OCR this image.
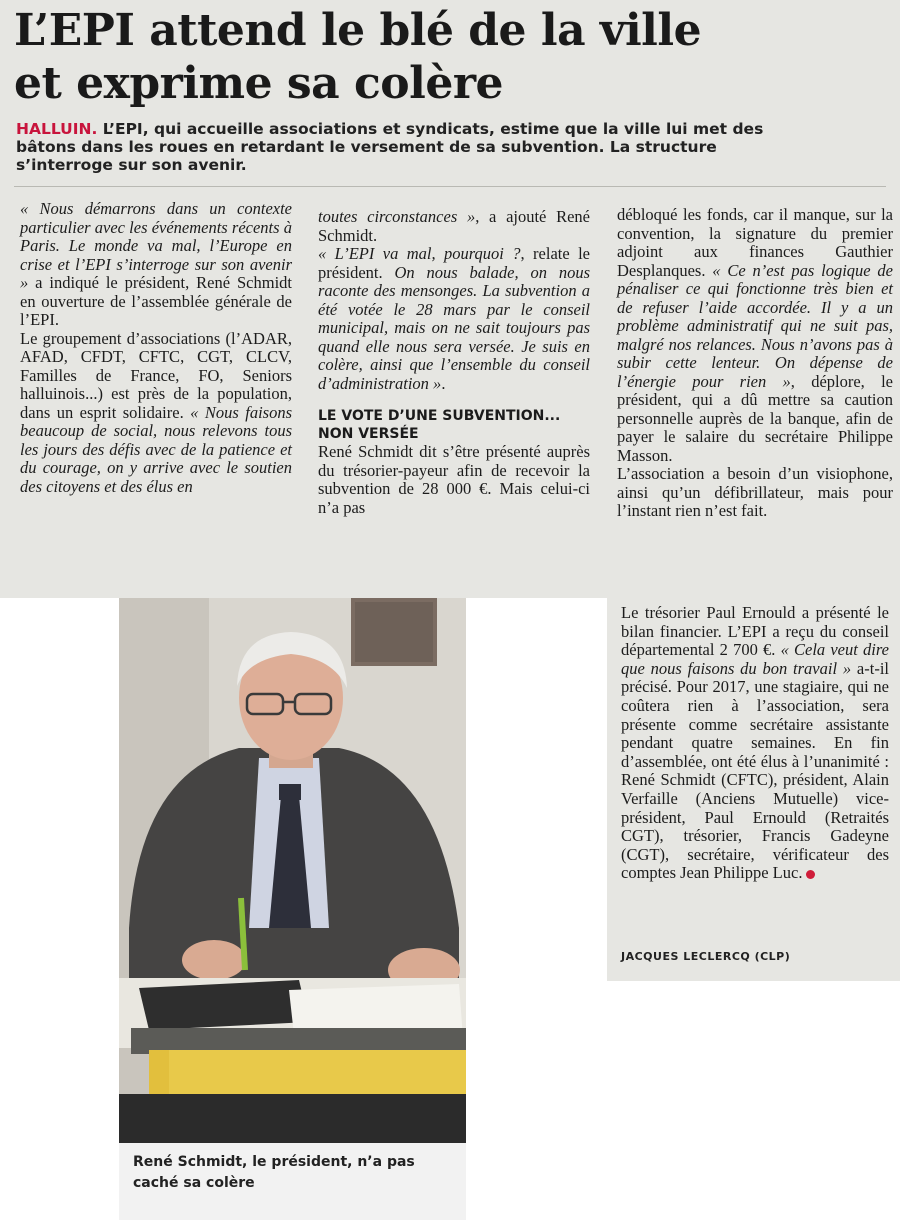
L’EPI attend le blé de la ville
et exprime sa colère

HALLUIN. L’EPI, qui accueille associations et syndicats, estime que la ville lui met des bâtons dans les roues en retardant le versement de sa subvention. La structure s’interroge sur son avenir.

« Nous démarrons dans un contexte particulier avec les événements récents à Paris. Le monde va mal, l’Europe en crise et l’EPI s’interroge sur son avenir » a indiqué le président, René Schmidt en ouverture de l’assemblée générale de l’EPI.

Le groupement d’associations (l’ADAR, AFAD, CFDT, CFTC, CGT, CLCV, Familles de France, FO, Seniors halluinois...) est près de la population, dans un esprit solidaire. « Nous faisons beaucoup de social, nous relevons tous les jours des défis avec de la patience et du courage, on y arrive avec le soutien des citoyens et des élus en

toutes circonstances », a ajouté René Schmidt.

« L’EPI va mal, pourquoi ?, relate le président. On nous balade, on nous raconte des mensonges. La subvention a été votée le 28 mars par le conseil municipal, mais on ne sait toujours pas quand elle nous sera versée. Je suis en colère, ainsi que l’ensemble du conseil d’administration ».

LE VOTE D’UNE SUBVENTION...
NON VERSÉE

René Schmidt dit s’être présenté auprès du trésorier-payeur afin de recevoir la subvention de 28 000 €. Mais celui-ci n’a pas

débloqué les fonds, car il manque, sur la convention, la signature du premier adjoint aux finances Gauthier Desplanques. « Ce n’est pas logique de pénaliser ce qui fonctionne très bien et de refuser l’aide accordée. Il y a un problème administratif qui ne suit pas, malgré nos relances. Nous n’avons pas à subir cette lenteur. On dépense de l’énergie pour rien », déplore, le président, qui a dû mettre sa caution personnelle auprès de la banque, afin de payer le salaire du secrétaire Philippe Masson.

L’association a besoin d’un visiophone, ainsi qu’un défibrillateur, mais pour l’instant rien n’est fait.

René Schmidt, le président, n’a pas caché sa colère

Le trésorier Paul Ernould a présenté le bilan financier. L’EPI a reçu du conseil départemental 2 700 €. « Cela veut dire que nous faisons du bon travail » a-t-il précisé. Pour 2017, une stagiaire, qui ne coûtera rien à l’association, sera présente comme secrétaire assistante pendant quatre semaines. En fin d’assemblée, ont été élus à l’unanimité : René Schmidt (CFTC), président, Alain Verfaille (Anciens Mutuelle) vice-président, Paul Ernould (Retraités CGT), trésorier, Francis Gadeyne (CGT), secrétaire, vérificateur des comptes Jean Philippe Luc.

JACQUES LECLERCQ (CLP)
